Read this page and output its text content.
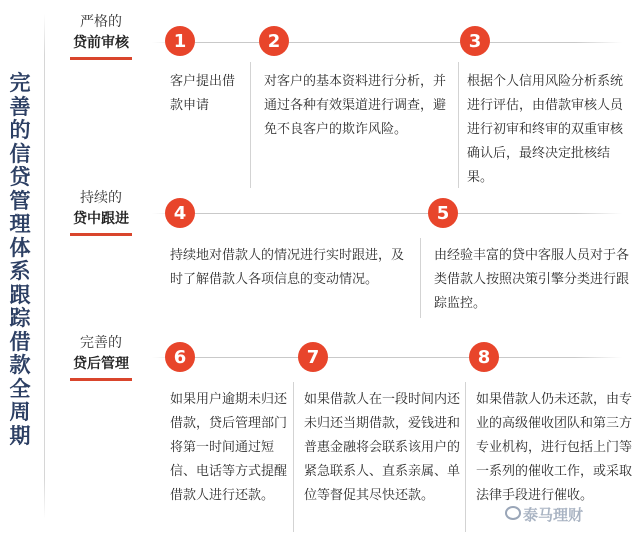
完
善
的
信
贷
管
理
体
系
跟
踪
借
款
全
周
期
严格的
贷前审核	1	2	3
客户提出借款申请
对客户的基本资料进行分析，并通过各种有效渠道进行调查，避免不良客户的欺诈风险。
根据个人信用风险分析系统进行评估，由借款审核人员进行初审和终审的双重审核确认后，最终决定批核结果。
持续的
贷中跟进	4	5
持续地对借款人的情况进行实时跟进，及时了解借款人各项信息的变动情况。
由经验丰富的贷中客服人员对于各类借款人按照决策引擎分类进行跟踪监控。
完善的
贷后管理	6	7	8
如果用户逾期未归还借款，贷后管理部门将第一时间通过短信、电话等方式提醒借款人进行还款。
如果借款人在一段时间内还未归还当期借款，爱钱进和普惠金融将会联系该用户的紧急联系人、直系亲属、单位等督促其尽快还款。
如果借款人仍未还款，由专业的高级催收团队和第三方专业机构，进行包括上门等一系列的催收工作，或采取法律手段进行催收。
泰马理财
